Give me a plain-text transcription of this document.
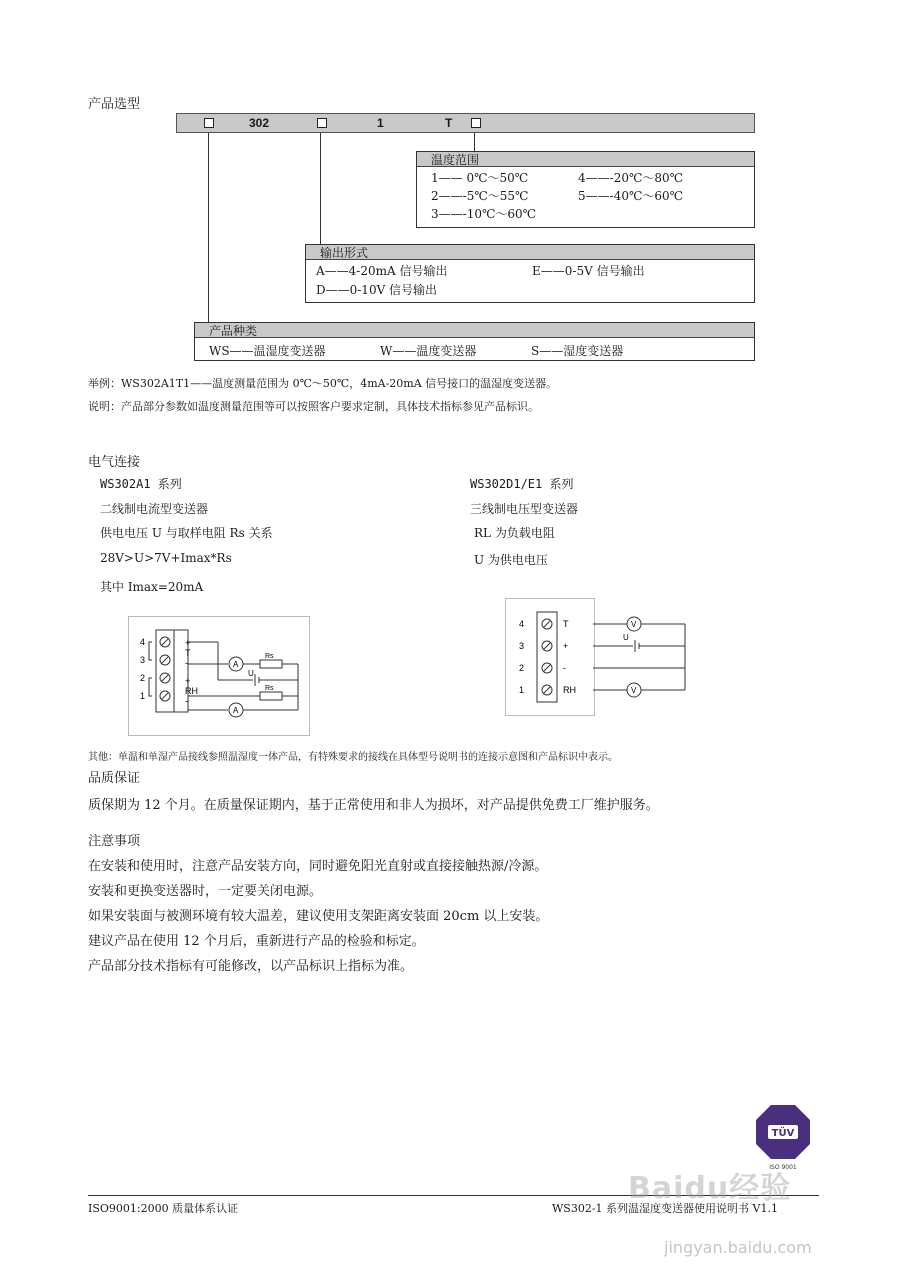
产品选型
302	1	T
温度范围
1—— 0℃～50℃	4——-20℃～80℃
2——-5℃～55℃	5——-40℃～60℃
3——-10℃～60℃
输出形式
A——4-20mA 信号输出	E——0-5V 信号输出
D——0-10V 信号输出
产品种类
WS——温湿度变送器	W——温度变送器	S——湿度变送器
举例：WS302A1T1——温度测量范围为 0℃～50℃，4mA-20mA 信号接口的温湿度变送器。
说明：产品部分参数如温度测量范围等可以按照客户要求定制，具体技术指标参见产品标识。
电气连接
WS302A1 系列
二线制电流型变送器
供电电压 U 与取样电阻 Rs 关系
28V>U>7V+Imax*Rs
其中 Imax=20mA
WS302D1/E1 系列
三线制电压型变送器
RL 为负载电阻
U 为供电电压
4
3
2
1
+
T
-
+
RH
-
A
A
Rs
Rs
U
4
3
2
1
T
+
-
RH
V
V
U
其他：单温和单湿产品接线参照温湿度一体产品，有特殊要求的接线在具体型号说明书的连接示意图和产品标识中表示。
品质保证
质保期为 12 个月。在质量保证期内，基于正常使用和非人为损坏，对产品提供免费工厂维护服务。
注意事项
在安装和使用时，注意产品安装方向，同时避免阳光直射或直接接触热源/冷源。
安装和更换变送器时，一定要关闭电源。
如果安装面与被测环境有较大温差，建议使用支架距离安装面 20cm 以上安装。
建议产品在使用 12 个月后，重新进行产品的检验和标定。
产品部分技术指标有可能修改，以产品标识上指标为准。
TÜV
ISO 9001
ISO9001:2000 质量体系认证	WS302-1 系列温湿度变送器使用说明书 V1.1
Baidu经验
jingyan.baidu.com
